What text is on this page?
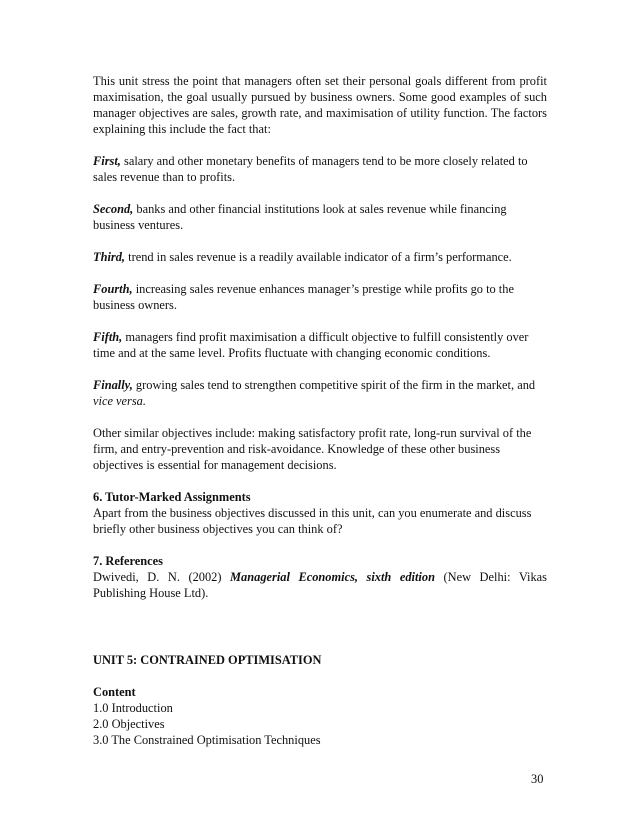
This unit stress the point that managers often set their personal goals different from profit maximisation, the goal usually pursued by business owners. Some good examples of such manager objectives are sales, growth rate, and maximisation of utility function. The factors explaining this include the fact that:

First, salary and other monetary benefits of managers tend to be more closely related to sales revenue than to profits.

Second, banks and other financial institutions look at sales revenue while financing business ventures.

Third, trend in sales revenue is a readily available indicator of a firm’s performance.

Fourth, increasing sales revenue enhances manager’s prestige while profits go to the business owners.

Fifth, managers find profit maximisation a difficult objective to fulfill consistently over time and at the same level. Profits fluctuate with changing economic conditions.

Finally, growing sales tend to strengthen competitive spirit of the firm in the market, and vice versa.

Other similar objectives include: making satisfactory profit rate, long-run survival of the firm, and entry-prevention and risk-avoidance. Knowledge of these other business objectives is essential for management decisions.

6. Tutor-Marked Assignments

Apart from the business objectives discussed in this unit, can you enumerate and discuss briefly other business objectives you can think of?

7. References

Dwivedi, D. N. (2002) Managerial Economics, sixth edition (New Delhi: Vikas Publishing House Ltd).

UNIT 5: CONTRAINED OPTIMISATION

Content

1.0 Introduction

2.0 Objectives

3.0 The Constrained Optimisation Techniques

30
